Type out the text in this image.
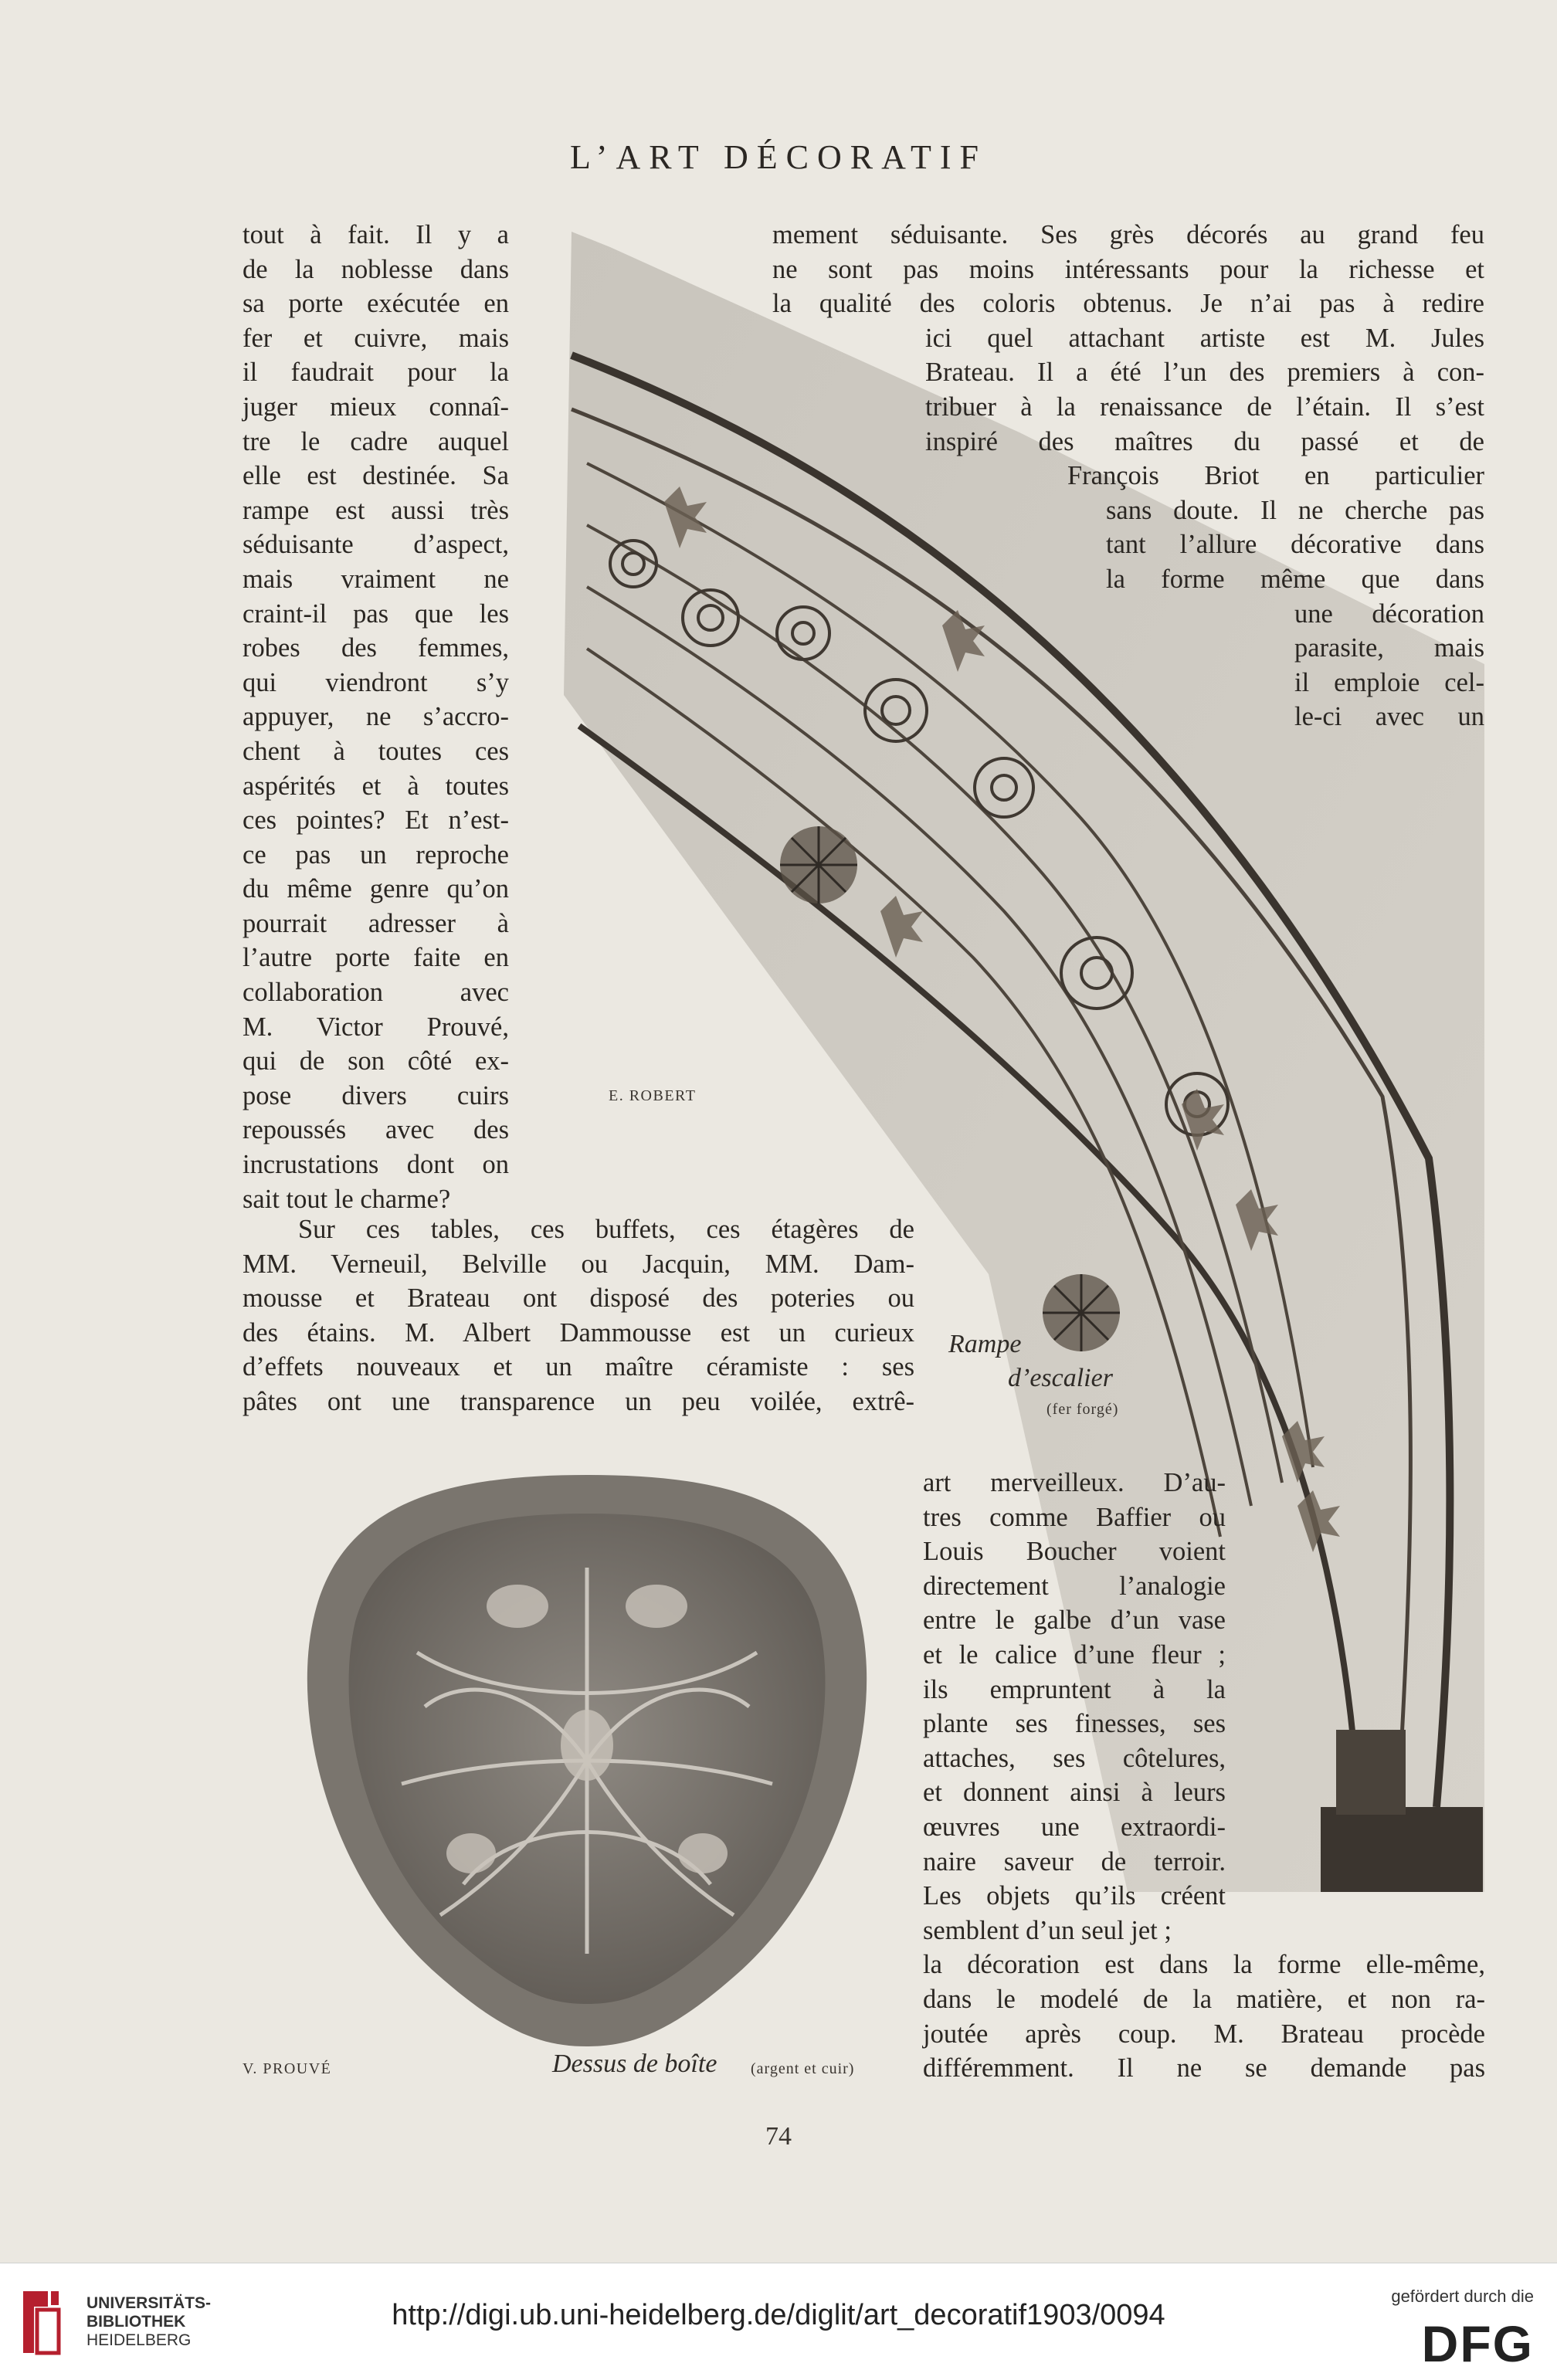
L’ART DÉCORATIF
E. ROBERT
Rampe
d’escalier
(fer forgé)
V. PROUVÉ	Dessus de boîte (argent et cuir)
tout à fait. Il y a
de la noblesse dans
sa porte exécutée en
fer et cuivre, mais
il faudrait pour la
juger mieux connaî-
tre le cadre auquel
elle est destinée. Sa
rampe est aussi très
séduisante d’aspect,
mais vraiment ne
craint-il pas que les
robes des femmes,
qui viendront s’y
appuyer, ne s’accro-
chent à toutes ces
aspérités et à toutes
ces pointes? Et n’est-
ce pas un reproche
du même genre qu’on
pourrait adresser à
l’autre porte faite en
collaboration avec
M. Victor Prouvé,
qui de son côté ex-
pose divers cuirs
repoussés avec des
incrustations dont on
sait tout le charme?
Sur ces tables, ces buffets, ces étagères de
MM. Verneuil, Belville ou Jacquin, MM. Dam-
mousse et Brateau ont disposé des poteries ou
des étains. M. Albert Dammousse est un curieux
d’effets nouveaux et un maître céramiste : ses
pâtes ont une transparence un peu voilée, extrê-
mement séduisante. Ses grès décorés au grand feu
ne sont pas moins intéressants pour la richesse et
la qualité des coloris obtenus. Je n’ai pas à redire
ici quel attachant artiste est M. Jules
Brateau. Il a été l’un des premiers à con-
tribuer à la renaissance de l’étain. Il s’est
inspiré des maîtres du passé et de
François Briot en particulier
sans doute. Il ne cherche pas
tant l’allure décorative dans
la forme même que dans
une décoration
parasite, mais
il emploie cel-
le-ci avec un
art merveilleux. D’au-
tres comme Baffier ou
Louis Boucher voient
directement l’analogie
entre le galbe d’un vase
et le calice d’une fleur ;
ils empruntent à la
plante ses finesses, ses
attaches, ses côtelures,
et donnent ainsi à leurs
œuvres une extraordi-
naire saveur de terroir.
Les objets qu’ils créent
semblent d’un seul jet ;
la décoration est dans la forme elle-même,
dans le modelé de la matière, et non ra-
joutée après coup. M. Brateau procède
différemment. Il ne se demande pas
74
UNIVERSITÄTS-
BIBLIOTHEK
HEIDELBERG
http://digi.ub.uni-heidelberg.de/diglit/art_decoratif1903/0094
gefördert durch die
DFG
